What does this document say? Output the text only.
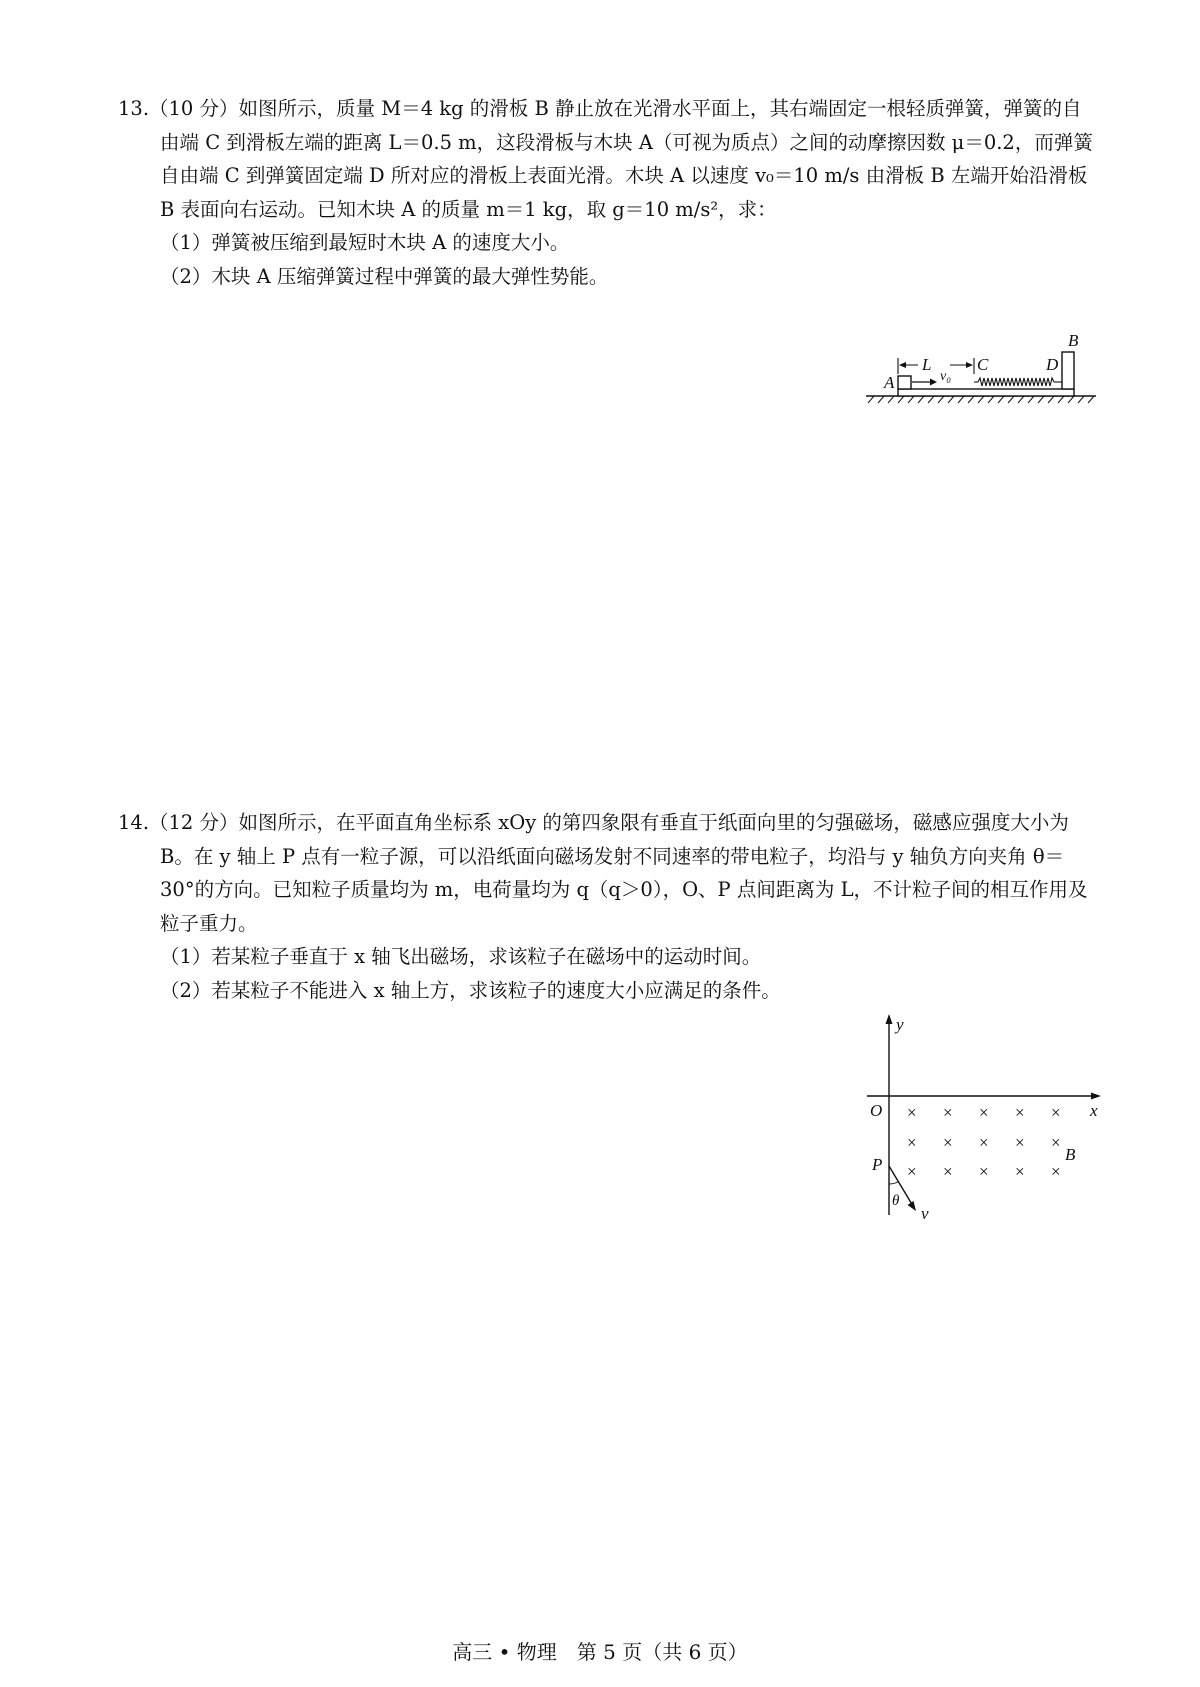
13.（10 分）如图所示，质量 M＝4 kg 的滑板 B 静止放在光滑水平面上，其右端固定一根轻质弹簧，弹簧的自由端 C 到滑板左端的距离 L＝0.5 m，这段滑板与木块 A（可视为质点）之间的动摩擦因数 μ＝0.2，而弹簧自由端 C 到弹簧固定端 D 所对应的滑板上表面光滑。木块 A 以速度 v₀＝10 m/s 由滑板 B 左端开始沿滑板 B 表面向右运动。已知木块 A 的质量 m＝1 kg，取 g＝10 m/s²，求：

（1）弹簧被压缩到最短时木块 A 的速度大小。

（2）木块 A 压缩弹簧过程中弹簧的最大弹性势能。

L	C	D
B
A	v₀

14.（12 分）如图所示，在平面直角坐标系 xOy 的第四象限有垂直于纸面向里的匀强磁场，磁感应强度大小为 B。在 y 轴上 P 点有一粒子源，可以沿纸面向磁场发射不同速率的带电粒子，均沿与 y 轴负方向夹角 θ＝30°的方向。已知粒子质量均为 m，电荷量均为 q（q＞0），O、P 点间距离为 L，不计粒子间的相互作用及粒子重力。

（1）若某粒子垂直于 x 轴飞出磁场，求该粒子在磁场中的运动时间。

（2）若某粒子不能进入 x 轴上方，求该粒子的速度大小应满足的条件。

y
x
O
P
B
× × × × ×
× × × × ×
× × × × ×
θ
v
高三 • 物理　第 5 页（共 6 页）
